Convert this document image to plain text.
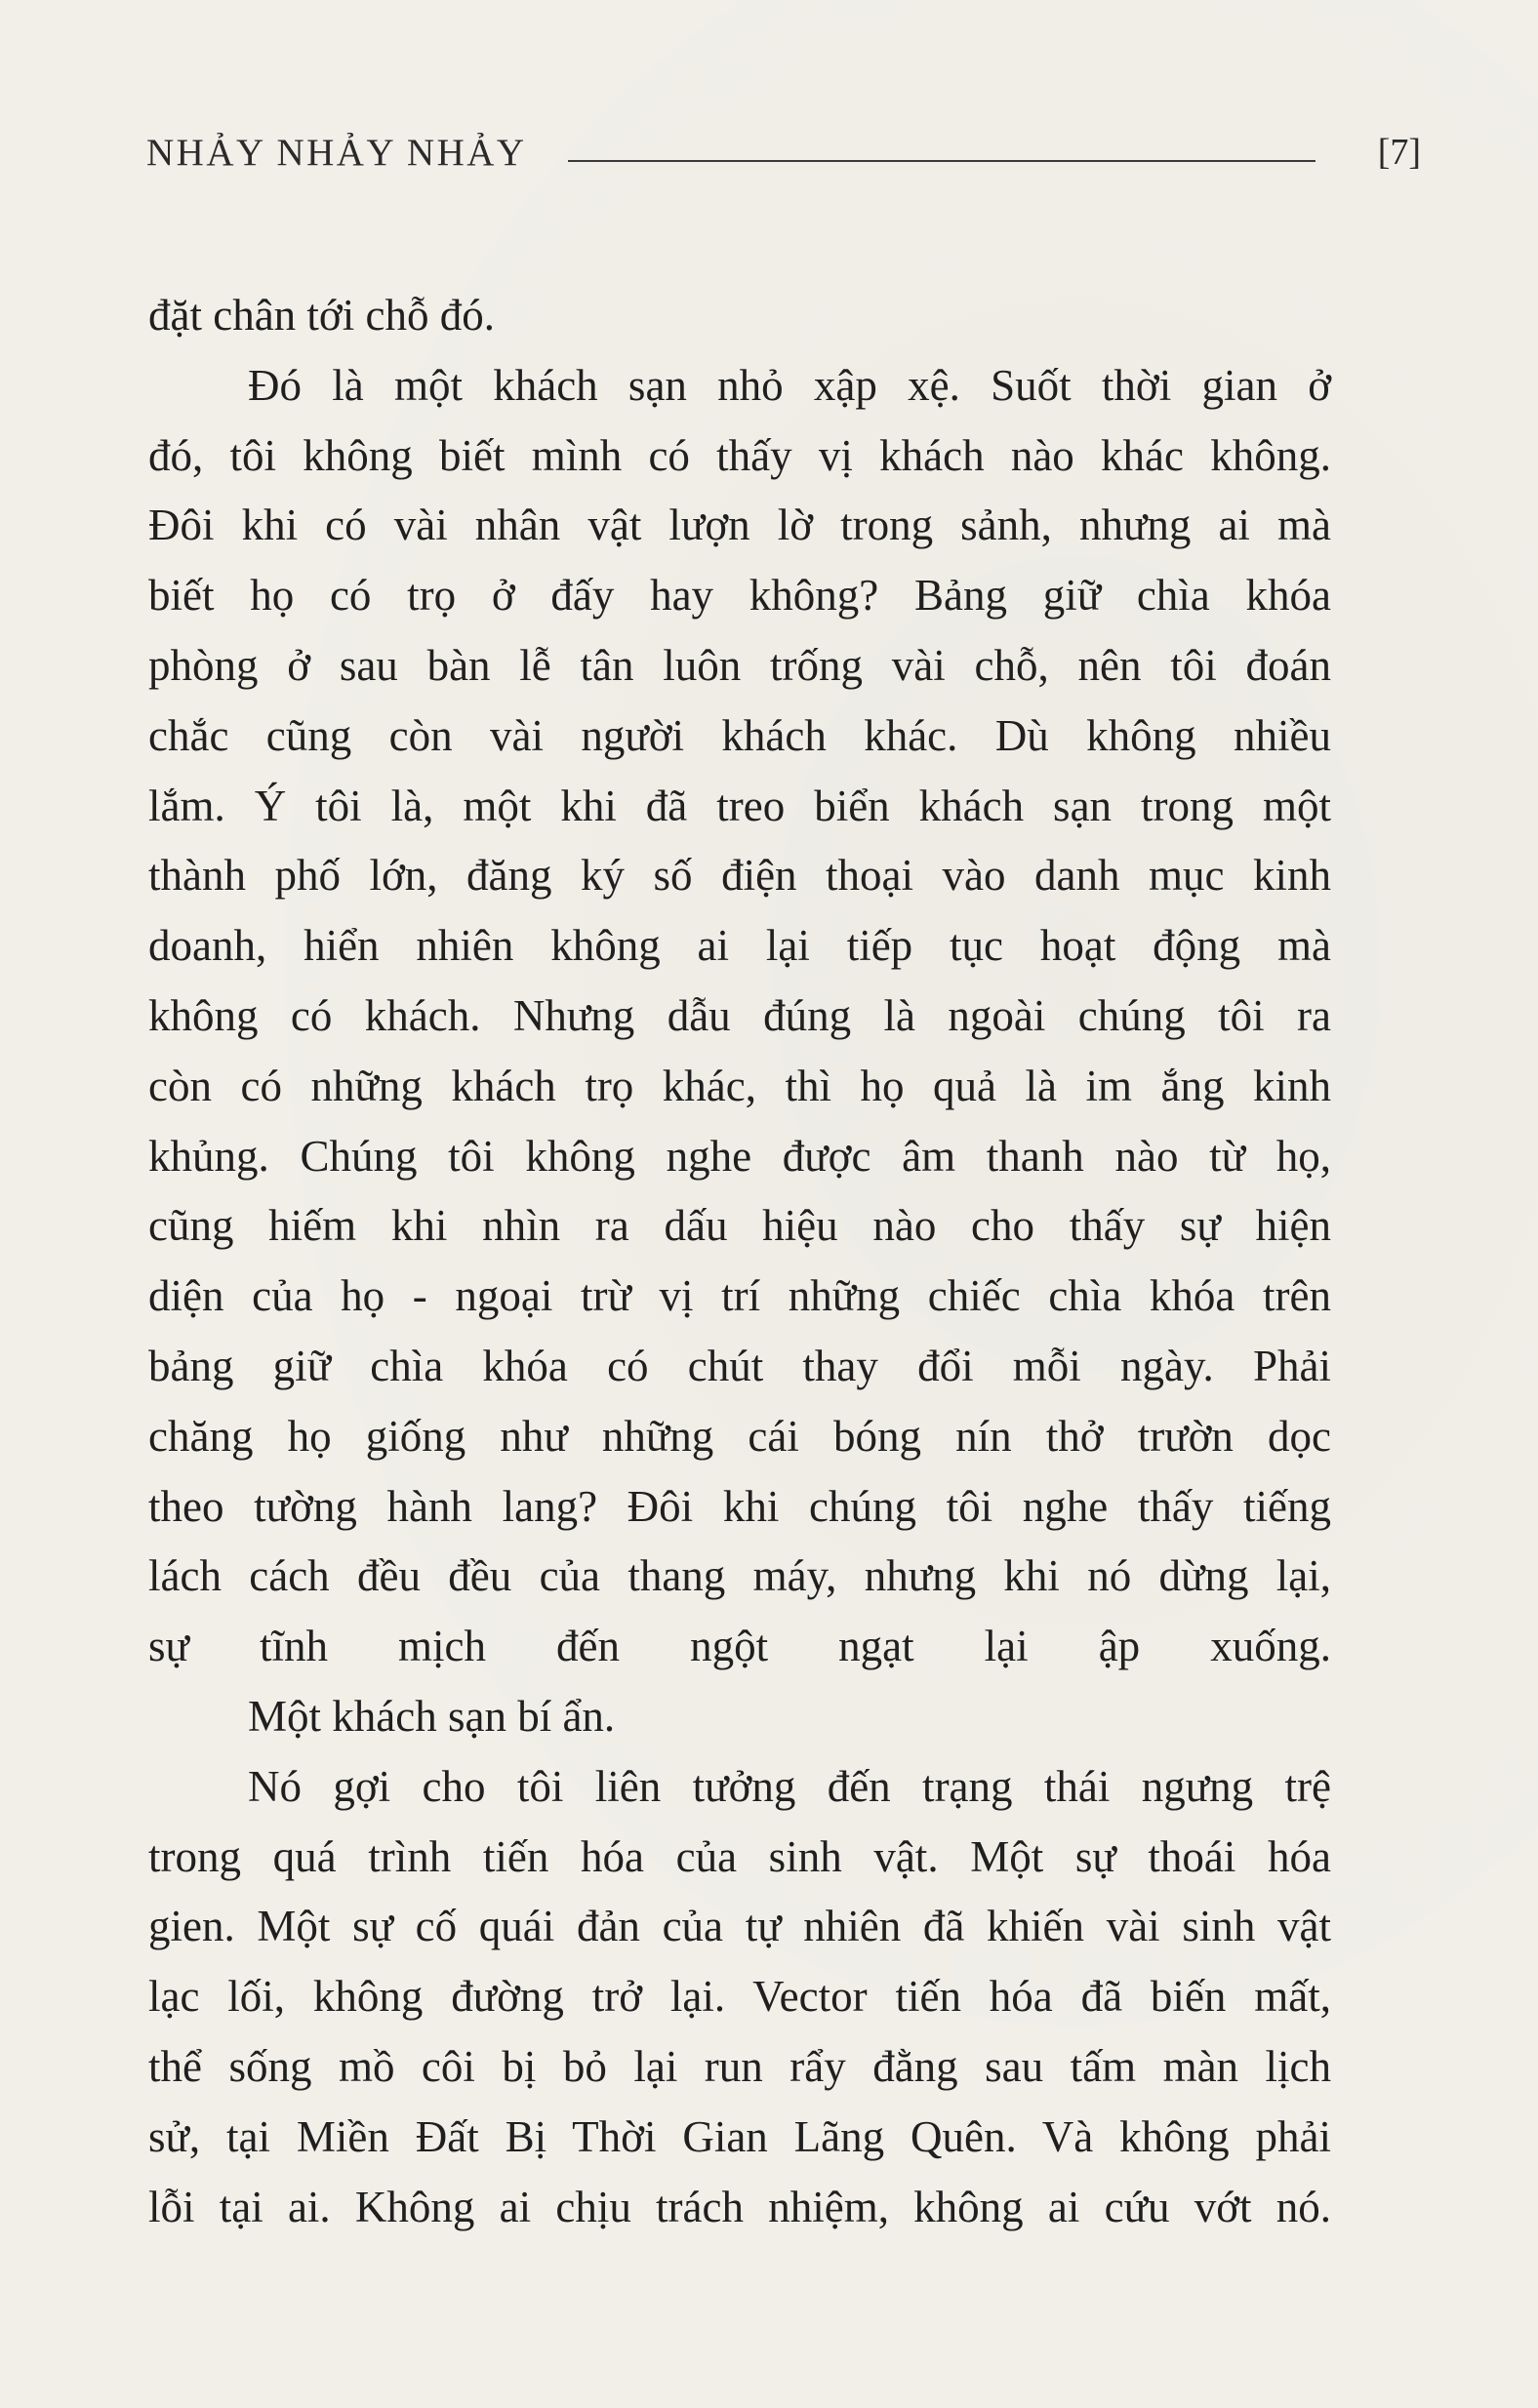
NHẢY NHẢY NHẢY	[7]

đặt chân tới chỗ đó.

Đó là một khách sạn nhỏ xập xệ. Suốt thời gian ở
đó, tôi không biết mình có thấy vị khách nào khác không.
Đôi khi có vài nhân vật lượn lờ trong sảnh, nhưng ai mà
biết họ có trọ ở đấy hay không? Bảng giữ chìa khóa
phòng ở sau bàn lễ tân luôn trống vài chỗ, nên tôi đoán
chắc cũng còn vài người khách khác. Dù không nhiều
lắm. Ý tôi là, một khi đã treo biển khách sạn trong một
thành phố lớn, đăng ký số điện thoại vào danh mục kinh
doanh, hiển nhiên không ai lại tiếp tục hoạt động mà
không có khách. Nhưng dẫu đúng là ngoài chúng tôi ra
còn có những khách trọ khác, thì họ quả là im ắng kinh
khủng. Chúng tôi không nghe được âm thanh nào từ họ,
cũng hiếm khi nhìn ra dấu hiệu nào cho thấy sự hiện
diện của họ - ngoại trừ vị trí những chiếc chìa khóa trên
bảng giữ chìa khóa có chút thay đổi mỗi ngày. Phải
chăng họ giống như những cái bóng nín thở trườn dọc
theo tường hành lang? Đôi khi chúng tôi nghe thấy tiếng
lách cách đều đều của thang máy, nhưng khi nó dừng lại,
sự tĩnh mịch đến ngột ngạt lại ập xuống.

Một khách sạn bí ẩn.

Nó gợi cho tôi liên tưởng đến trạng thái ngưng trệ
trong quá trình tiến hóa của sinh vật. Một sự thoái hóa
gien. Một sự cố quái đản của tự nhiên đã khiến vài sinh vật
lạc lối, không đường trở lại. Vector tiến hóa đã biến mất,
thể sống mồ côi bị bỏ lại run rẩy đằng sau tấm màn lịch
sử, tại Miền Đất Bị Thời Gian Lãng Quên. Và không phải
lỗi tại ai. Không ai chịu trách nhiệm, không ai cứu vớt nó.
